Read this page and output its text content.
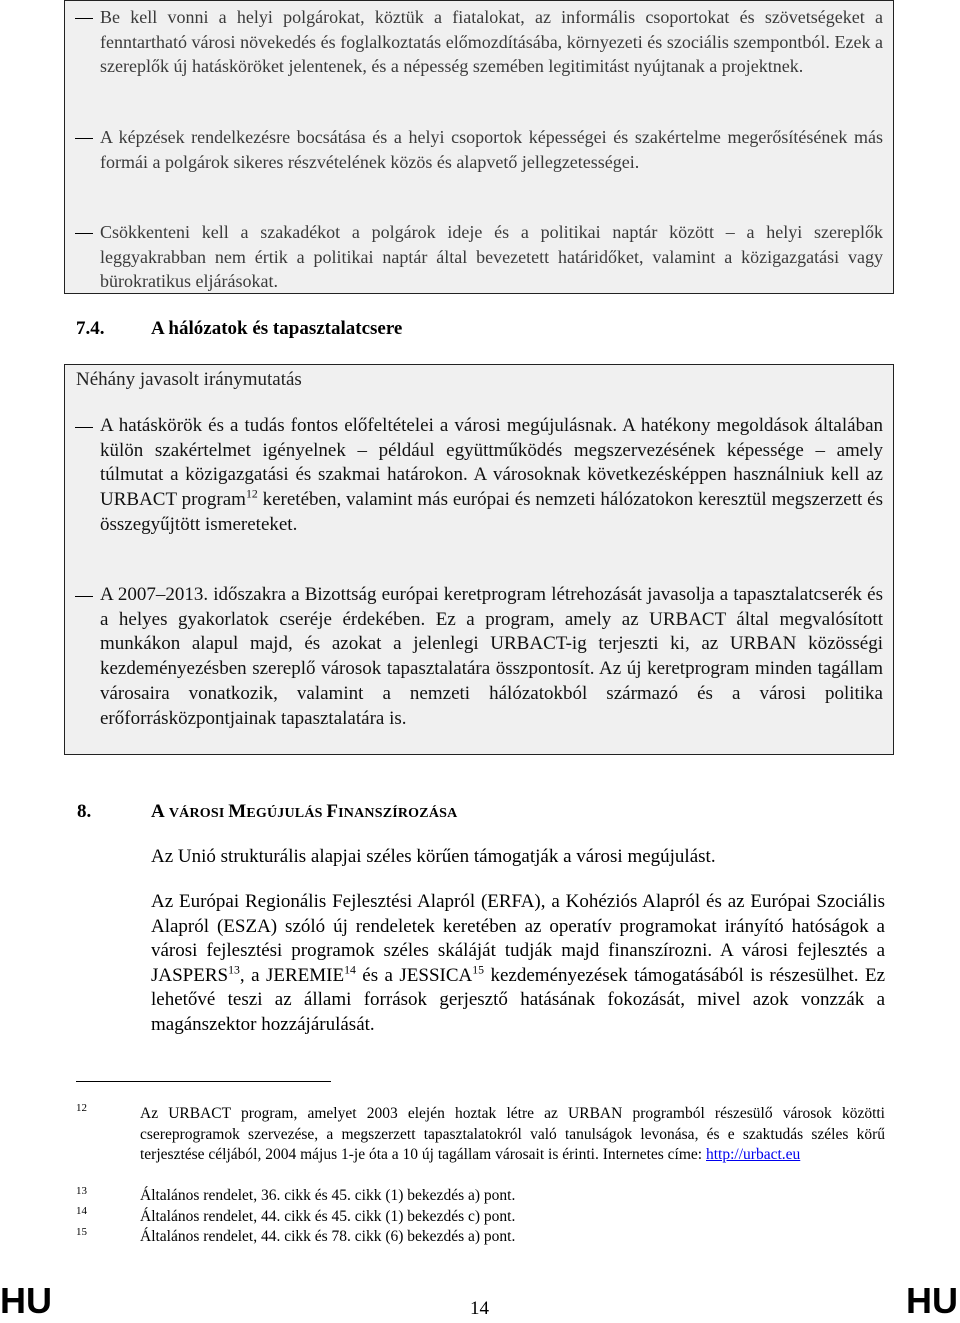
Be kell vonni a helyi polgárokat, köztük a fiatalokat, az informális csoportokat és szövetségeket a fenntartható városi növekedés és foglalkoztatás előmozdításába, környezeti és szociális szempontból. Ezek a szereplők új hatásköröket jelentenek, és a népesség szemében legitimitást nyújtanak a projektnek.

A képzések rendelkezésre bocsátása és a helyi csoportok képességei és szakértelme megerősítésének más formái a polgárok sikeres részvételének közös és alapvető jellegzetességei.

Csökkenteni kell a szakadékot a polgárok ideje és a politikai naptár között – a helyi szereplők leggyakrabban nem értik a politikai naptár által bevezetett határidőket, valamint a közigazgatási vagy bürokratikus eljárásokat.

7.4. A hálózatok és tapasztalatcsere
Néhány javasolt iránymutatás

A hatáskörök és a tudás fontos előfeltételei a városi megújulásnak. A hatékony megoldások általában külön szakértelmet igényelnek – például együttműködés megszervezésének képessége – amely túlmutat a közigazgatási és szakmai határokon. A városoknak következésképpen használniuk kell az URBACT program$^{12}$ keretében, valamint más európai és nemzeti hálózatokon keresztül megszerzett és összegyűjtött ismereteket.

A 2007–2013. időszakra a Bizottság európai keretprogram létrehozását javasolja a tapasztalatcserék és a helyes gyakorlatok cseréje érdekében. Ez a program, amely az URBACT által megvalósított munkákon alapul majd, és azokat a jelenlegi URBACT-ig terjeszti ki, az URBAN közösségi kezdeményezésben szereplő városok tapasztalatára összpontosít. Az új keretprogram minden tagállam városaira vonatkozik, valamint a nemzeti hálózatokból származó és a városi politika erőforrásközpontjainak tapasztalatára is.

8.	A VÁROSI MEGÚJULÁS FINANSZÍROZÁSA

Az Unió strukturális alapjai széles körűen támogatják a városi megújulást.

Az Európai Regionális Fejlesztési Alapról (ERFA), a Kohéziós Alapról és az Európai Szociális Alapról (ESZA) szóló új rendeletek keretében az operatív programokat irányító hatóságok a városi fejlesztési programok széles skáláját tudják majd finanszírozni. A városi fejlesztés a JASPERS$^{13}$, a JEREMIE$^{14}$ és a JESSICA$^{15}$ kezdeményezések támogatásából is részesülhet. Ez lehetővé teszi az állami források gerjesztő hatásának fokozását, mivel azok vonzzák a magánszektor hozzájárulását.

12	Az URBACT program, amelyet 2003 elején hoztak létre az URBAN programból részesülő városok közötti csereprogramok szervezése, a megszerzett tapasztalatokról való tanulságok levonása, és e szaktudás széles körű terjesztése céljából, 2004 május 1-je óta a 10 új tagállam városait is érinti. Internetes címe: http://urbact.eu

13	Általános rendelet, 36. cikk és 45. cikk (1) bekezdés a) pont.

14	Általános rendelet, 44. cikk és 45. cikk (1) bekezdés c) pont.

15	Általános rendelet, 44. cikk és 78. cikk (6) bekezdés a) pont.

HU	14	HU
